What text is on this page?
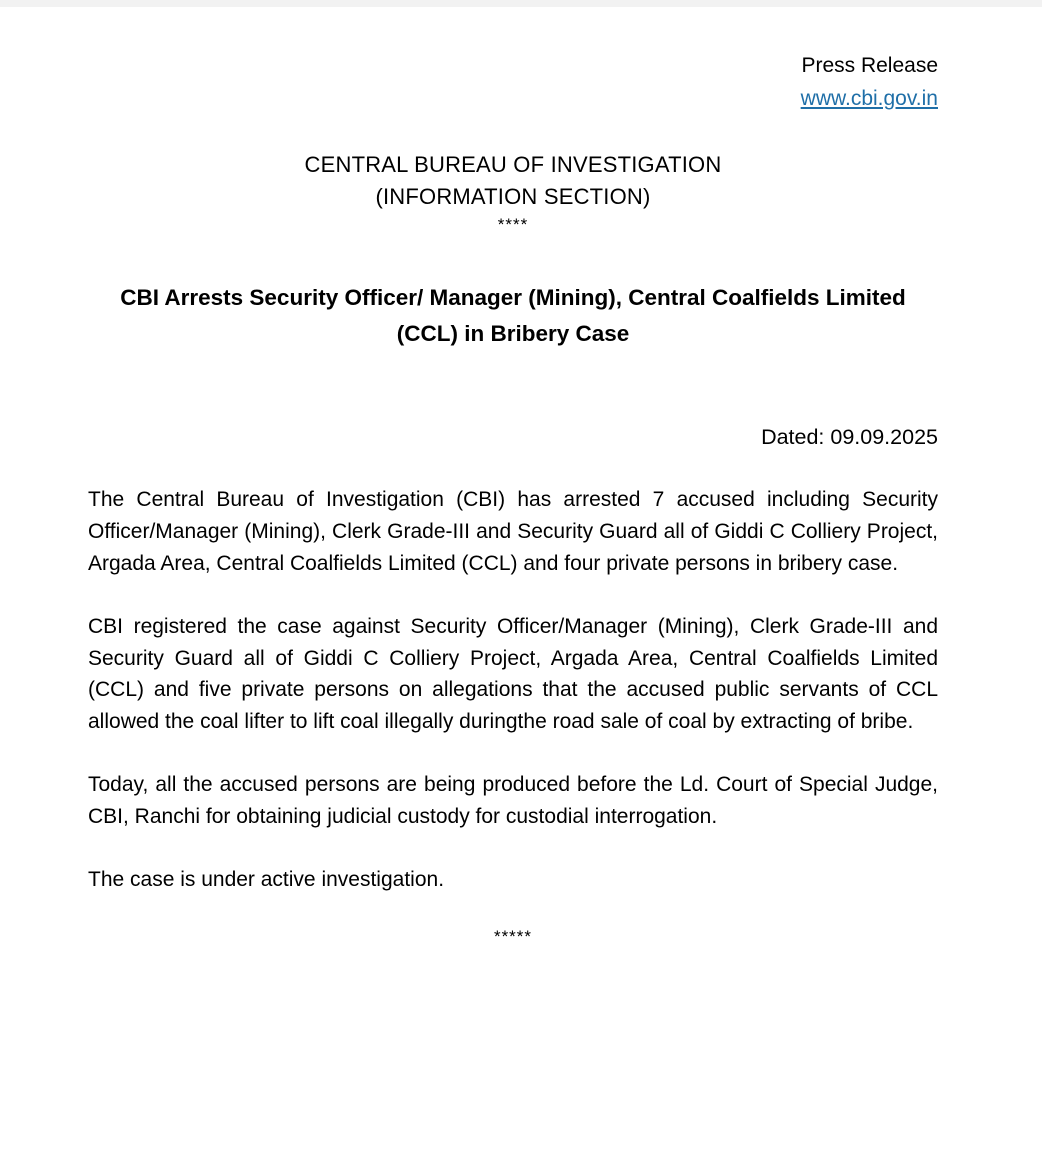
Press Release
www.cbi.gov.in
CENTRAL BUREAU OF INVESTIGATION
(INFORMATION SECTION)
****
CBI Arrests Security Officer/ Manager (Mining), Central Coalfields Limited (CCL) in Bribery Case
Dated: 09.09.2025

The Central Bureau of Investigation (CBI) has arrested 7 accused including Security Officer/Manager (Mining), Clerk Grade-III and Security Guard all of Giddi C Colliery Project, Argada Area, Central Coalfields Limited (CCL) and four private persons in bribery case.

CBI registered the case against Security Officer/Manager (Mining), Clerk Grade-III and Security Guard all of Giddi C Colliery Project, Argada Area, Central Coalfields Limited (CCL) and five private persons on allegations that the accused public servants of CCL allowed the coal lifter to lift coal illegally duringthe road sale of coal by extracting of bribe.

Today, all the accused persons are being produced before the Ld. Court of Special Judge, CBI, Ranchi for obtaining judicial custody for custodial interrogation.

The case is under active investigation.

*****
